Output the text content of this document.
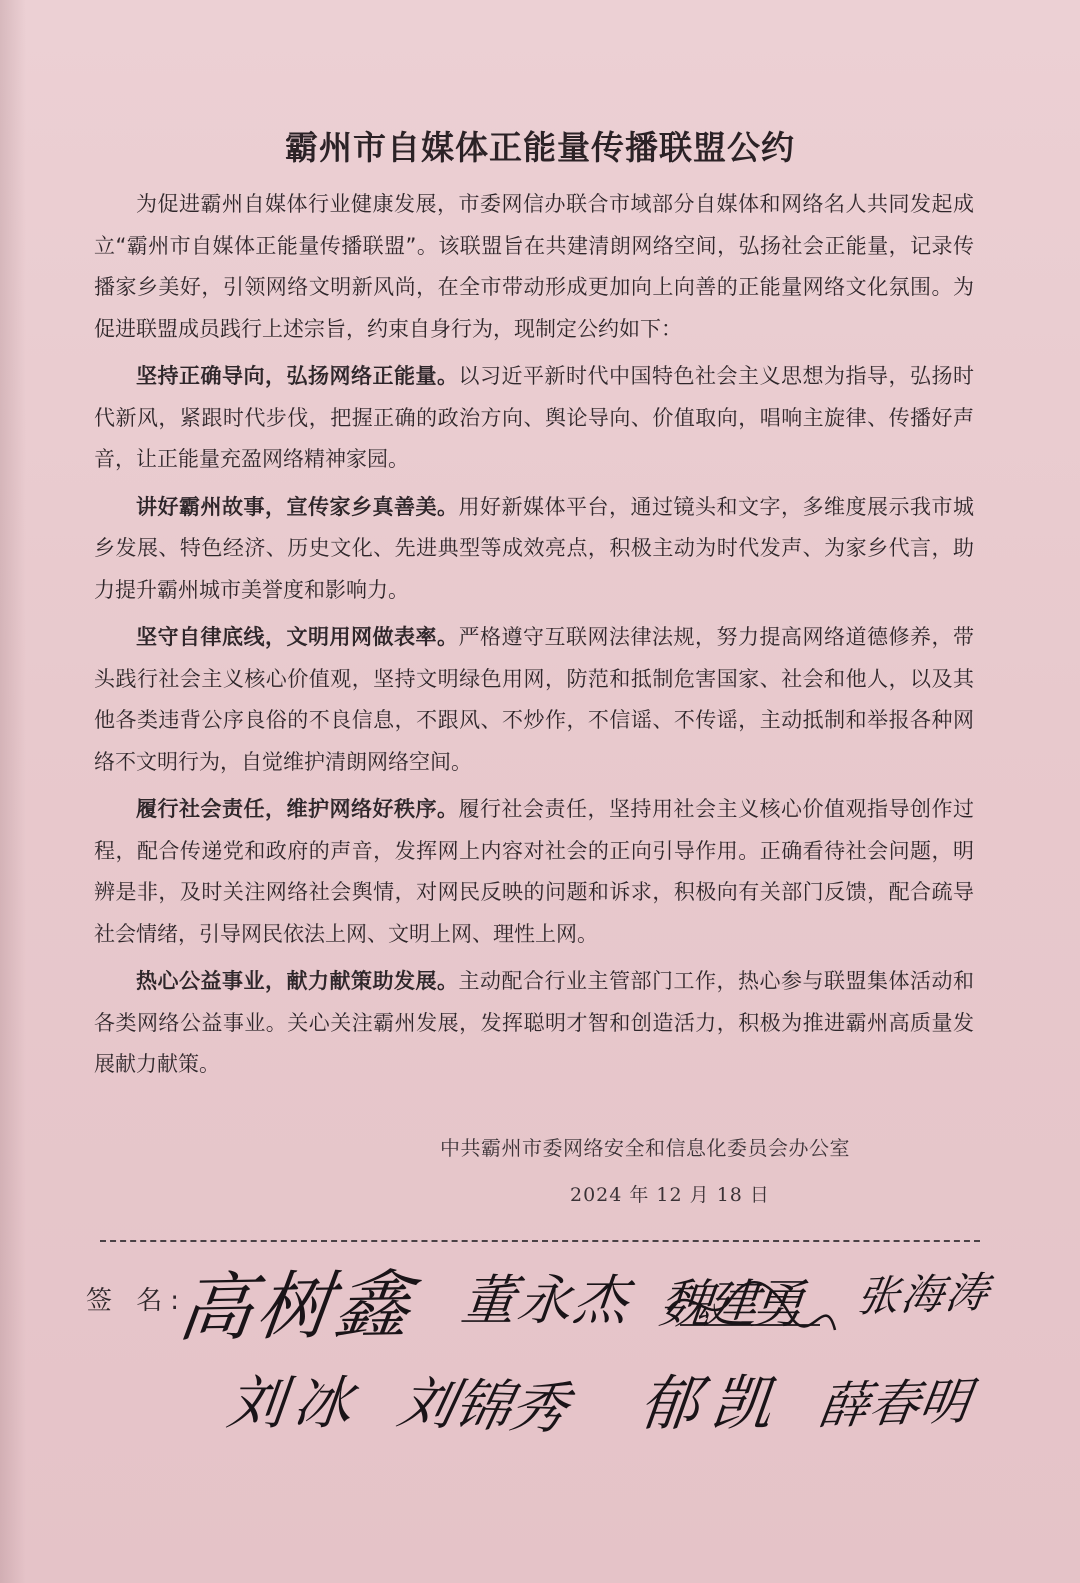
霸州市自媒体正能量传播联盟公约

为促进霸州自媒体行业健康发展，市委网信办联合市域部分自媒体和网络名人共同发起成立“霸州市自媒体正能量传播联盟”。该联盟旨在共建清朗网络空间，弘扬社会正能量，记录传播家乡美好，引领网络文明新风尚，在全市带动形成更加向上向善的正能量网络文化氛围。为促进联盟成员践行上述宗旨，约束自身行为，现制定公约如下：

坚持正确导向，弘扬网络正能量。以习近平新时代中国特色社会主义思想为指导，弘扬时代新风，紧跟时代步伐，把握正确的政治方向、舆论导向、价值取向，唱响主旋律、传播好声音，让正能量充盈网络精神家园。

讲好霸州故事，宣传家乡真善美。用好新媒体平台，通过镜头和文字，多维度展示我市城乡发展、特色经济、历史文化、先进典型等成效亮点，积极主动为时代发声、为家乡代言，助力提升霸州城市美誉度和影响力。

坚守自律底线，文明用网做表率。严格遵守互联网法律法规，努力提高网络道德修养，带头践行社会主义核心价值观，坚持文明绿色用网，防范和抵制危害国家、社会和他人，以及其他各类违背公序良俗的不良信息，不跟风、不炒作，不信谣、不传谣，主动抵制和举报各种网络不文明行为，自觉维护清朗网络空间。

履行社会责任，维护网络好秩序。履行社会责任，坚持用社会主义核心价值观指导创作过程，配合传递党和政府的声音，发挥网上内容对社会的正向引导作用。正确看待社会问题，明辨是非，及时关注网络社会舆情，对网民反映的问题和诉求，积极向有关部门反馈，配合疏导社会情绪，引导网民依法上网、文明上网、理性上网。

热心公益事业，献力献策助发展。主动配合行业主管部门工作，热心参与联盟集体活动和各类网络公益事业。关心关注霸州发展，发挥聪明才智和创造活力，积极为推进霸州高质量发展献力献策。

中共霸州市委网络安全和信息化委员会办公室
2024 年 12 月 18 日
签 名:
高树鑫 董永杰 魏建勇 张海涛
刘冰 刘锦秀 郁凯 薛春明
